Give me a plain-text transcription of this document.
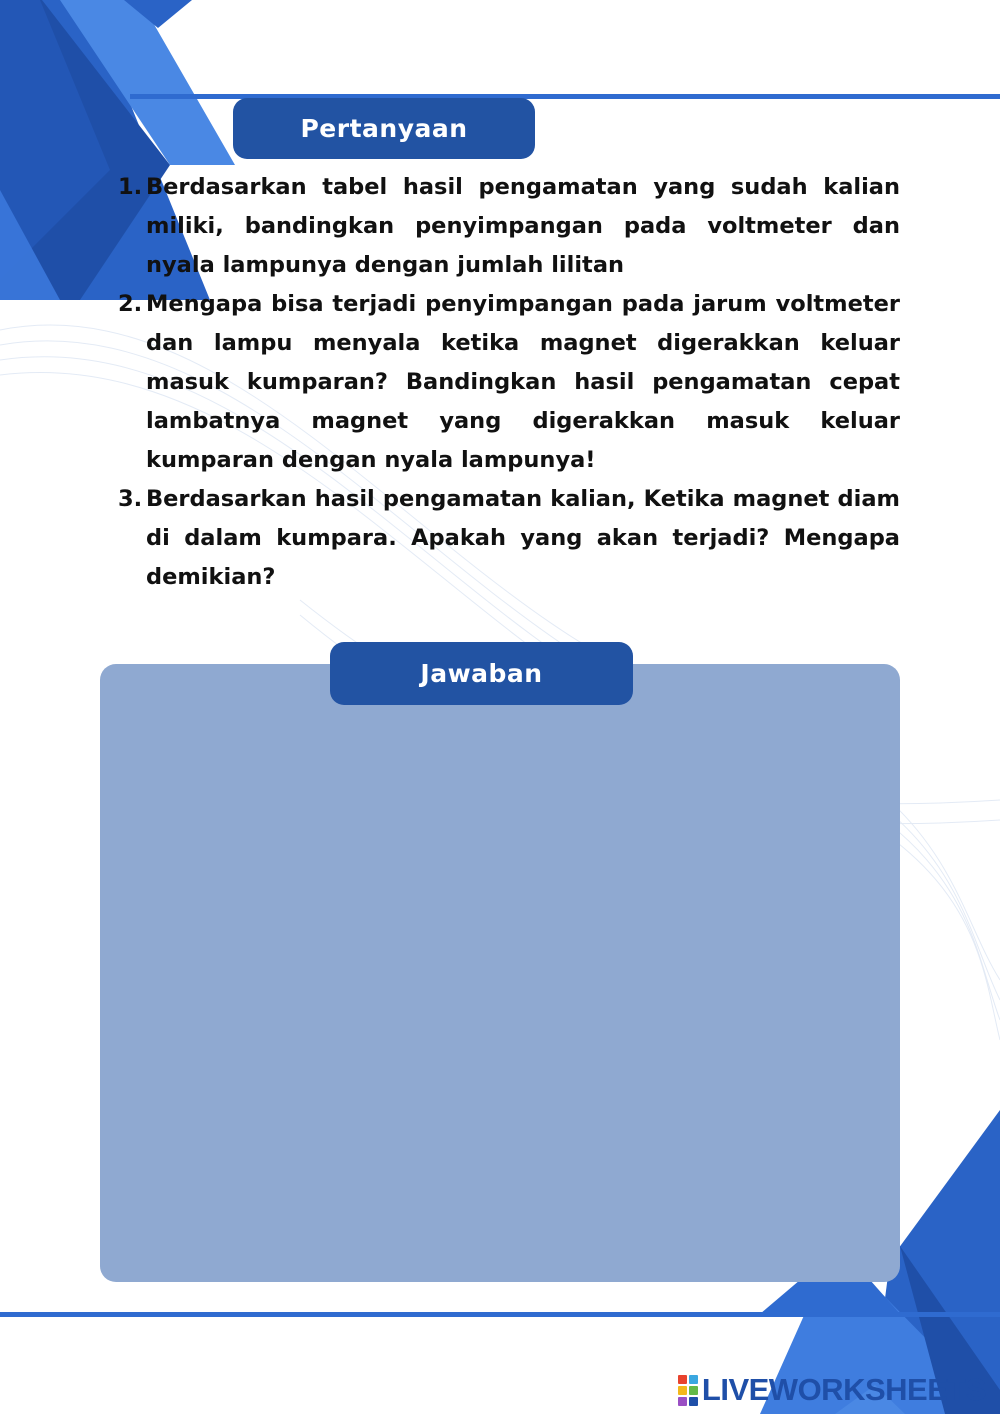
Pertanyaan
1. Berdasarkan tabel hasil pengamatan yang sudah kalian miliki, bandingkan penyimpangan pada voltmeter dan nyala lampunya dengan jumlah lilitan
2. Mengapa bisa terjadi penyimpangan pada jarum voltmeter dan lampu menyala ketika magnet digerakkan keluar masuk kumparan? Bandingkan hasil pengamatan cepat lambatnya magnet yang digerakkan masuk keluar kumparan dengan nyala lampunya!
3. Berdasarkan hasil pengamatan kalian, Ketika magnet diam di dalam kumpara. Apakah yang akan terjadi? Mengapa demikian?
Jawaban
LIVEWORKSHEETS
